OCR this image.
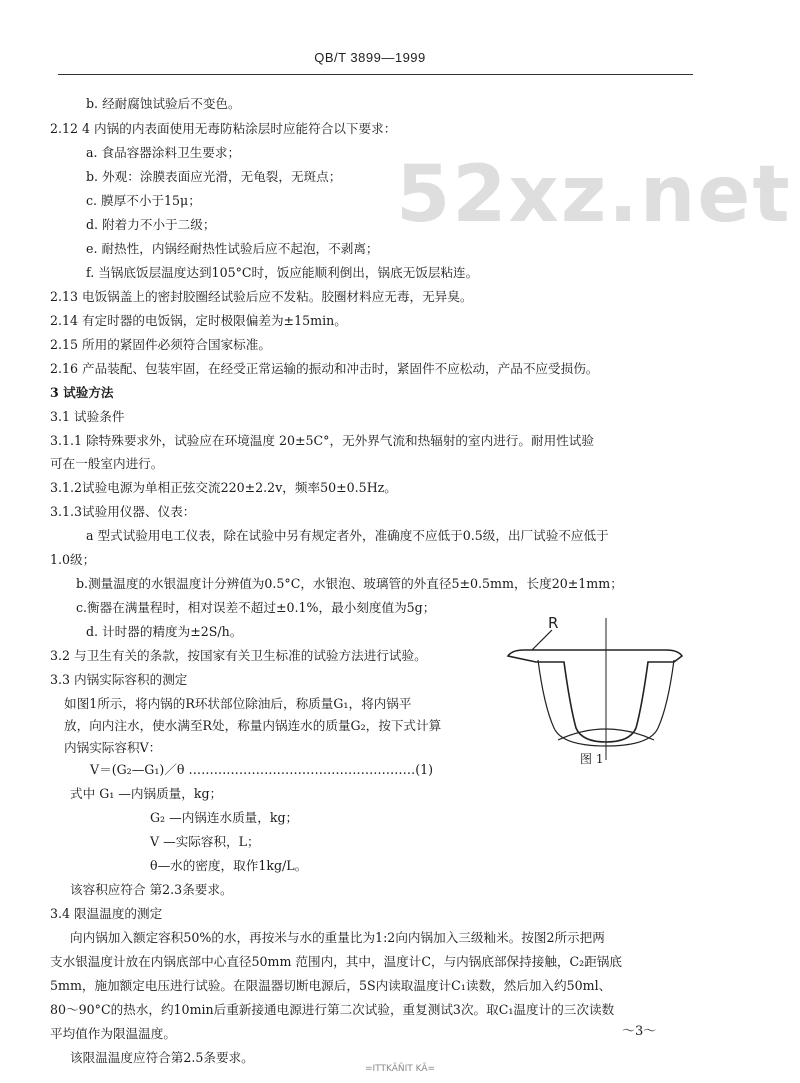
QB/T 3899—1999
52xz.net
b. 经耐腐蚀试验后不变色。
2.12 4 内锅的内表面使用无毒防粘涂层时应能符合以下要求：
a. 食品容器涂料卫生要求；
b. 外观：涂膜表面应光滑，无龟裂，无斑点；
c. 膜厚不小于15μ；
d. 附着力不小于二级；
e. 耐热性，内锅经耐热性试验后应不起泡，不剥离；
f. 当锅底饭层温度达到105°C时，饭应能顺利倒出，锅底无饭层粘连。
2.13 电饭锅盖上的密封胶圈经试验后应不发粘。胶圈材料应无毒，无异臭。
2.14 有定时器的电饭锅，定时极限偏差为±15min。
2.15 所用的紧固件必须符合国家标准。
2.16 产品装配、包装牢固，在经受正常运输的振动和冲击时，紧固件不应松动，产品不应受损伤。
3 试验方法
3.1 试验条件
3.1.1 除特殊要求外，试验应在环境温度 20±5C°，无外界气流和热辐射的室内进行。耐用性试验
可在一般室内进行。
3.1.2试验电源为单相正弦交流220±2.2v，频率50±0.5Hz。
3.1.3试验用仪器、仪表：
a 型式试验用电工仪表，除在试验中另有规定者外，准确度不应低于0.5级，出厂试验不应低于
1.0级；
b.测量温度的水银温度计分辨值为0.5°C，水银泡、玻璃管的外直径5±0.5mm，长度20±1mm；
c.衡器在满量程时，相对误差不超过±0.1%，最小刻度值为5g；
d. 计时器的精度为±2S/h。
3.2 与卫生有关的条款，按国家有关卫生标准的试验方法进行试验。
3.3 内锅实际容积的测定
如图1所示，将内锅的R环状部位除油后，称质量G₁，将内锅平
放，向内注水，使水满至R处，称量内锅连水的质量G₂，按下式计算
内锅实际容积V：
V＝(G₂—G₁)／θ ………………………………………………(1)
式中 G₁ —内锅质量，kg；
G₂ —内锅连水质量，kg；
V —实际容积，L；
θ—水的密度，取作1kg/L。
该容积应符合 第2.3条要求。
3.4 限温温度的测定
向内锅加入额定容积50%的水，再按米与水的重量比为1:2向内锅加入三级籼米。按图2所示把两
支水银温度计放在内锅底部中心直径50mm 范围内，其中，温度计C，与内锅底部保持接触，C₂距锅底
5mm，施加额定电压进行试验。在限温器切断电源后，5S内读取温度计C₁读数，然后加入约50ml、
80～90°C的热水，约10min后重新接通电源进行第二次试验，重复测试3次。取C₁温度计的三次读数
平均值作为限温温度。
该限温温度应符合第2.5条要求。
R
图 1
～3～
=ITTKÃÑIT KÃ=
